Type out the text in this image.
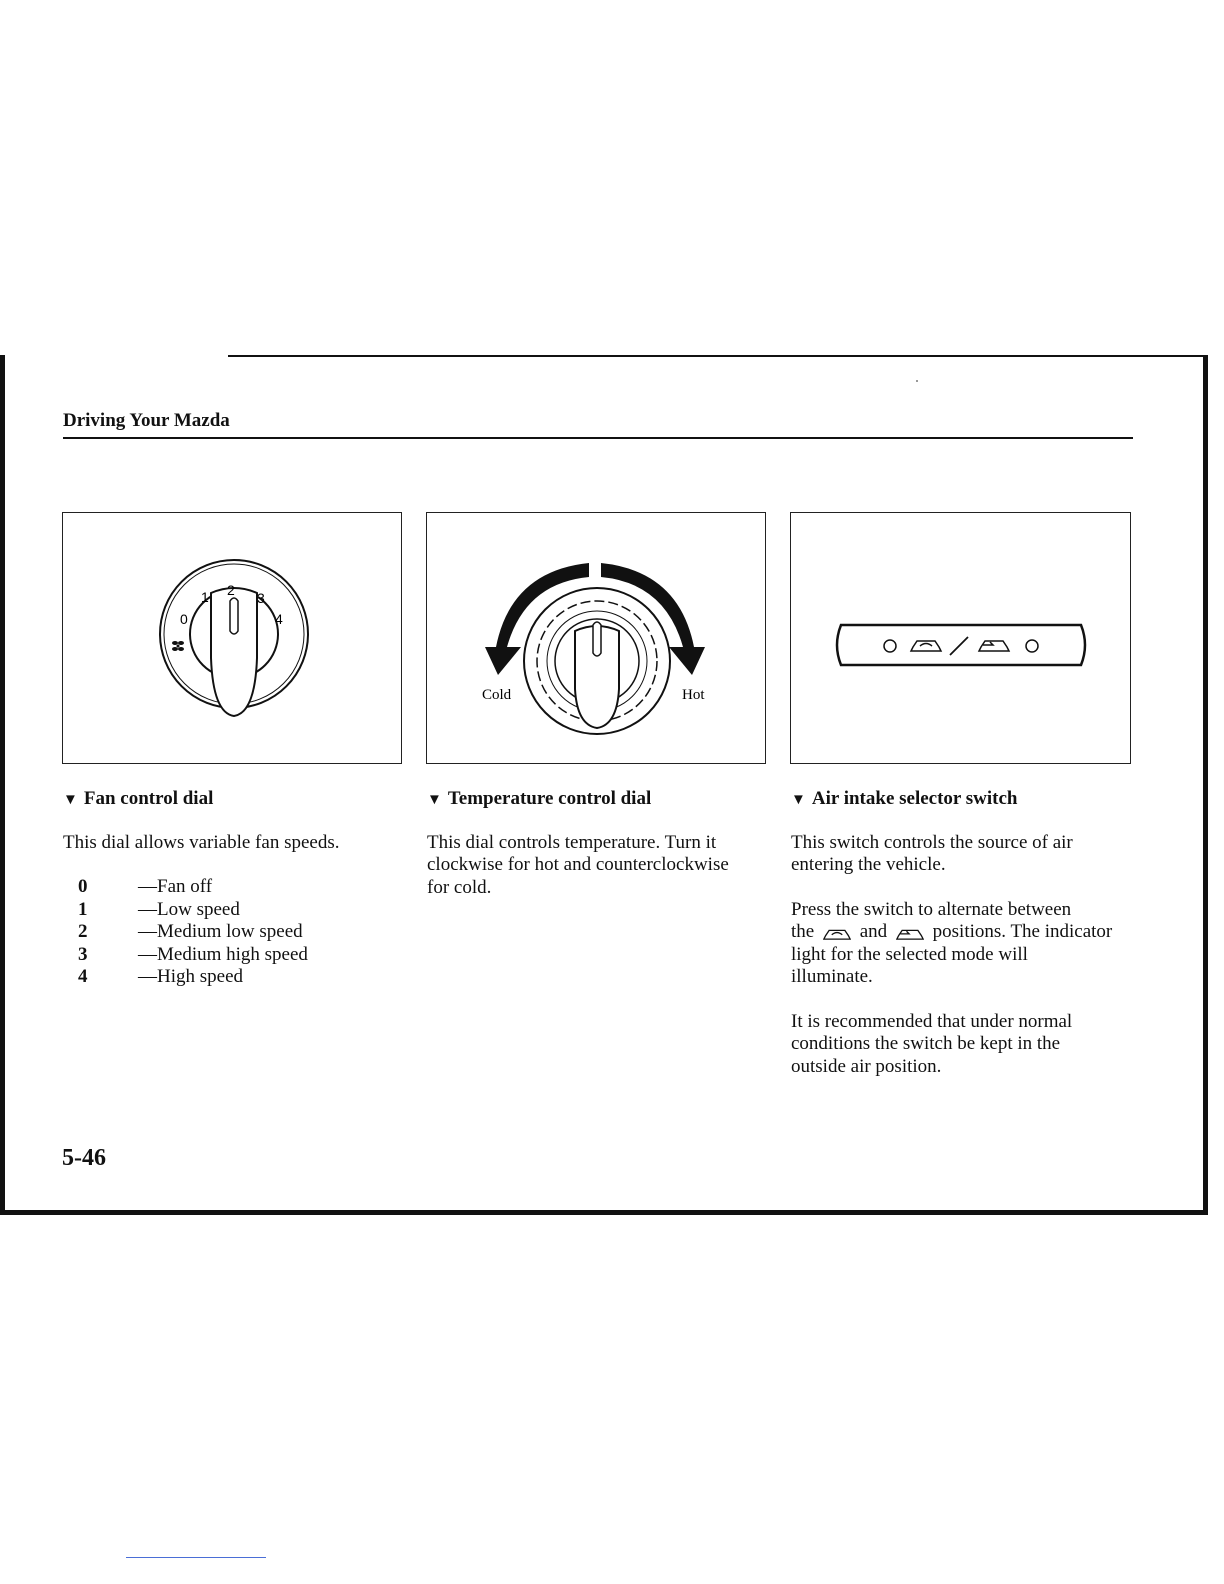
Driving Your Mazda
0
1 2 3
4
Cold	Hot
▼ Fan control dial

This dial allows variable fan speeds.

0	—Fan off
1	—Low speed
2	—Medium low speed
3	—Medium high speed
4	—High speed
▼ Temperature control dial

This dial controls temperature. Turn it
clockwise for hot and counterclockwise
for cold.

▼ Air intake selector switch

This switch controls the source of air
entering the vehicle.

Press the switch to alternate between
the and positions. The indicator
light for the selected mode will
illuminate.

It is recommended that under normal
conditions the switch be kept in the
outside air position.

5-46
